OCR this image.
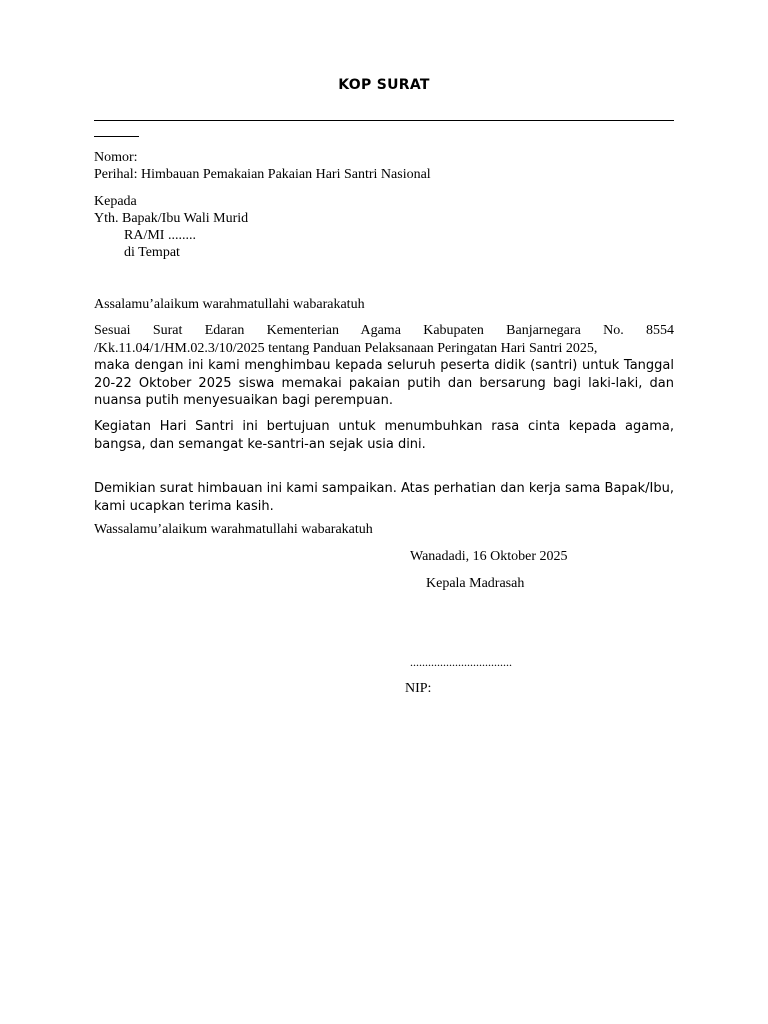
KOP SURAT
Nomor:
Perihal: Himbauan Pemakaian Pakaian Hari Santri Nasional
Kepada
Yth. Bapak/Ibu Wali Murid
RA/MI ........
di Tempat
Assalamu’alaikum warahmatullahi wabarakatuh
Sesuai Surat Edaran Kementerian Agama Kabupaten Banjarnegara No. 8554 /Kk.11.04/1/HM.02.3/10/2025 tentang Panduan Pelaksanaan Peringatan Hari Santri 2025,
maka dengan ini kami menghimbau kepada seluruh peserta didik (santri) untuk Tanggal 20-22 Oktober 2025 siswa memakai pakaian putih dan bersarung bagi laki-laki, dan nuansa putih menyesuaikan bagi perempuan.
Kegiatan Hari Santri ini bertujuan untuk menumbuhkan rasa cinta kepada agama, bangsa, dan semangat ke-santri-an sejak usia dini.
Demikian surat himbauan ini kami sampaikan. Atas perhatian dan kerja sama Bapak/Ibu, kami ucapkan terima kasih.
Wassalamu’alaikum warahmatullahi wabarakatuh
Wanadadi, 16 Oktober 2025
Kepala Madrasah
..................................
NIP:
